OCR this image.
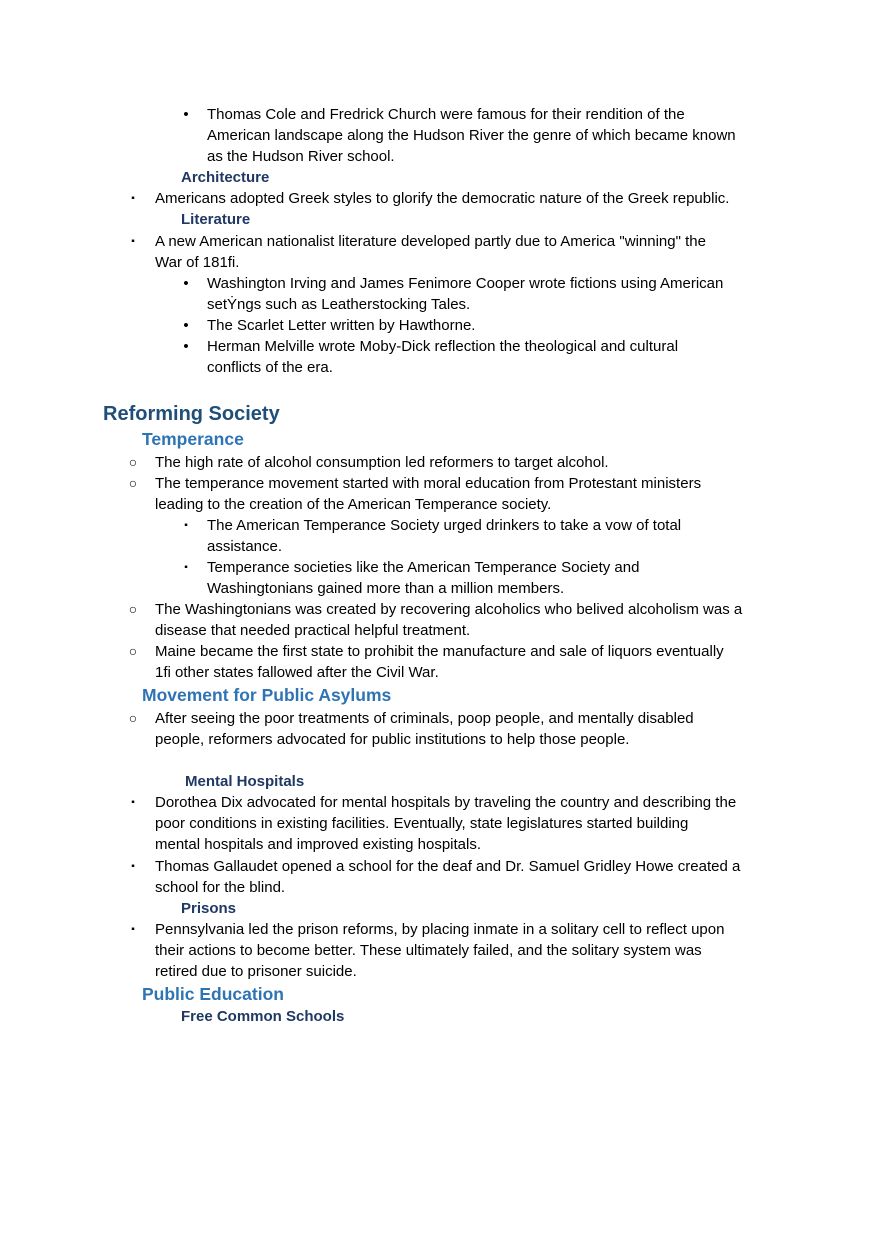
•	Thomas Cole and Fredrick Church were famous for their rendition of the
American landscape along the Hudson River the genre of which became known
as the Hudson River school.
Architecture
▪	Americans adopted Greek styles to glorify the democratic nature of the Greek republic.
Literature
▪	A new American nationalist literature developed partly due to America "winning" the
War of 181ﬁ.
•	Washington Irving and James Fenimore Cooper wrote fictions using American
setẎngs such as Leatherstocking Tales.
•	The Scarlet Letter written by Hawthorne.
•	Herman Melville wrote Moby-Dick reflection the theological and cultural
conflicts of the era.
Reforming Society
Temperance
○ The high rate of alcohol consumption led reformers to target alcohol.
○ The temperance movement started with moral education from Protestant ministers
leading to the creation of the American Temperance society.
▪	The American Temperance Society urged drinkers to take a vow of total
assistance.
▪	Temperance societies like the American Temperance Society and
Washingtonians gained more than a million members.
○ The Washingtonians was created by recovering alcoholics who belived alcoholism was a
disease that needed practical helpful treatment.
○ Maine became the first state to prohibit the manufacture and sale of liquors eventually
1ﬁ other states fallowed after the Civil War.
Movement for Public Asylums
○ After seeing the poor treatments of criminals, poop people, and mentally disabled
people, reformers advocated for public institutions to help those people.
Mental Hospitals
▪	Dorothea Dix advocated for mental hospitals by traveling the country and describing the
poor conditions in existing facilities. Eventually, state legislatures started building
mental hospitals and improved existing hospitals.
▪	Thomas Gallaudet opened a school for the deaf and Dr. Samuel Gridley Howe created a
school for the blind.
Prisons
▪	Pennsylvania led the prison reforms, by placing inmate in a solitary cell to reflect upon
their actions to become better. These ultimately failed, and the solitary system was
retired due to prisoner suicide.
Public Education
Free Common Schools
